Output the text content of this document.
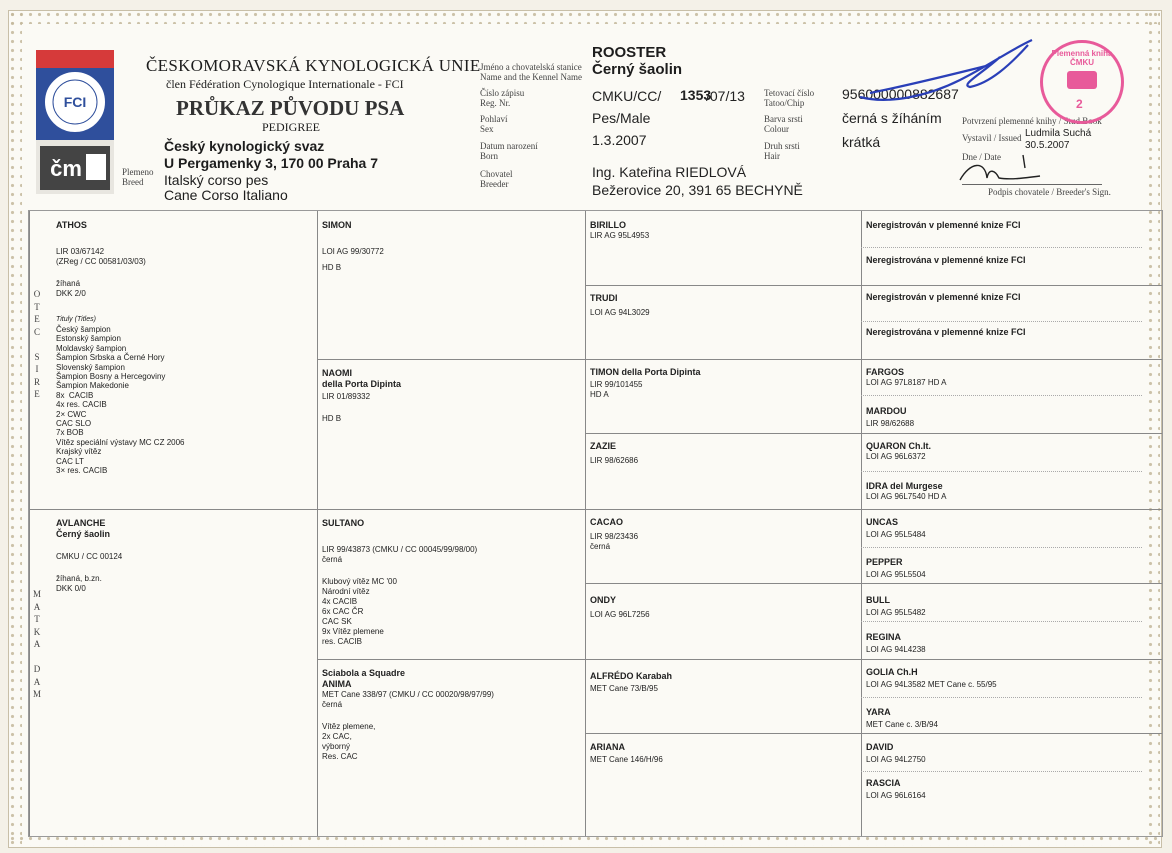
FCI
čm	Plemeno
Breed
ČESKOMORAVSKÁ KYNOLOGICKÁ UNIE
člen Fédération Cynologique Internationale - FCI
PRŮKAZ PŮVODU PSA
PEDIGREE
Český kynologický svaz
U Pergamenky 3, 170 00 Praha 7
Italský corso pes
Cane Corso Italiano
Jméno a chovatelská stanice
Name and the Kennel Name
Číslo zápisu
Reg. Nr.
Pohlaví
Sex
Datum narození
Born
Chovatel
Breeder
ROOSTER
Černý šaolin
CMKU/CC/ 1353
/07/13
Pes/Male
1.3.2007
Ing. Kateřina RIEDLOVÁ
Bežerovice 20, 391 65 BECHYNĚ
Tetovací číslo
Tatoo/Chip
Barva srsti
Colour
Druh srsti
Hair
956000000882687
černá s žíháním
krátká
Potvrzení plemenné knihy / Stud Book
Vystavil / Issued Ludmila Suchá
30.5.2007
Dne / Date
Podpis chovatele / Breeder's Sign.
Plemenná kniha ČMKU
2
O
T
E
C

S
I
R
E
M
A
T
K
A

D
A
M
ATHOS

LIR 03/67142
(ZReg / CC 00581/03/03)
žíhaná
DKK 2/0
Tituly (Titles)
Český šampion
Estonský šampion
Moldavský šampion
Šampion Srbska a Černé Hory
Slovenský šampion
Šampion Bosny a Hercegoviny
Šampion Makedonie
8x  CACIB
4x res. CACIB
2× CWC
CAC SLO
7x BOB
Vítěz speciální výstavy MC CZ 2006
Krajský vítěz
CAC LT
3× res. CACIB
AVLANCHE
Černý šaolin
CMKU / CC 00124
žíhaná, b.zn.
DKK 0/0
SIMON
LOI AG 99/30772
HD B
NAOMI
della Porta Dipinta
LIR 01/89332
HD B
SULTANO
LIR 99/43873 (CMKU / CC 00045/99/98/00)
černá
Klubový vítěz MC '00
Národní vítěz
4x CACIB
6x CAC ČR
CAC SK
9x Vítěz plemene
res. CACIB
Sciabola a Squadre
ANIMA
MET Cane 338/97 (CMKU / CC 00020/98/97/99)
černá
Vítěz plemene,
2x CAC,
výborný
Res. CAC
BIRILLO
LIR AG 95L4953
TRUDI
LOI AG 94L3029
TIMON della Porta Dipinta
LIR 99/101455
HD A
ZAZIE
LIR 98/62686
CACAO
LIR 98/23436
černá
ONDY
LOI AG 96L7256
ALFRÉDO Karabah
MET Cane 73/B/95
ARIANA
MET Cane 146/H/96
Neregistrován v plemenné knize FCI
Neregistrována v plemenné knize FCI
Neregistrován v plemenné knize FCI
Neregistrována v plemenné knize FCI
FARGOS
LOI AG 97L8187 HD A
MARDOU
LIR 98/62688
QUARON Ch.It.
LOI AG 96L6372
IDRA del Murgese
LOI AG 96L7540 HD A
UNCAS
LOI AG 95L5484
PEPPER
LOI AG 95L5504
BULL
LOI AG 95L5482
REGINA
LOI AG 94L4238
GOLIA Ch.H
LOI AG 94L3582 MET Cane c. 55/95
YARA
MET Cane c. 3/B/94
DAVID
LOI AG 94L2750
RASCIA
LOI AG 96L6164
